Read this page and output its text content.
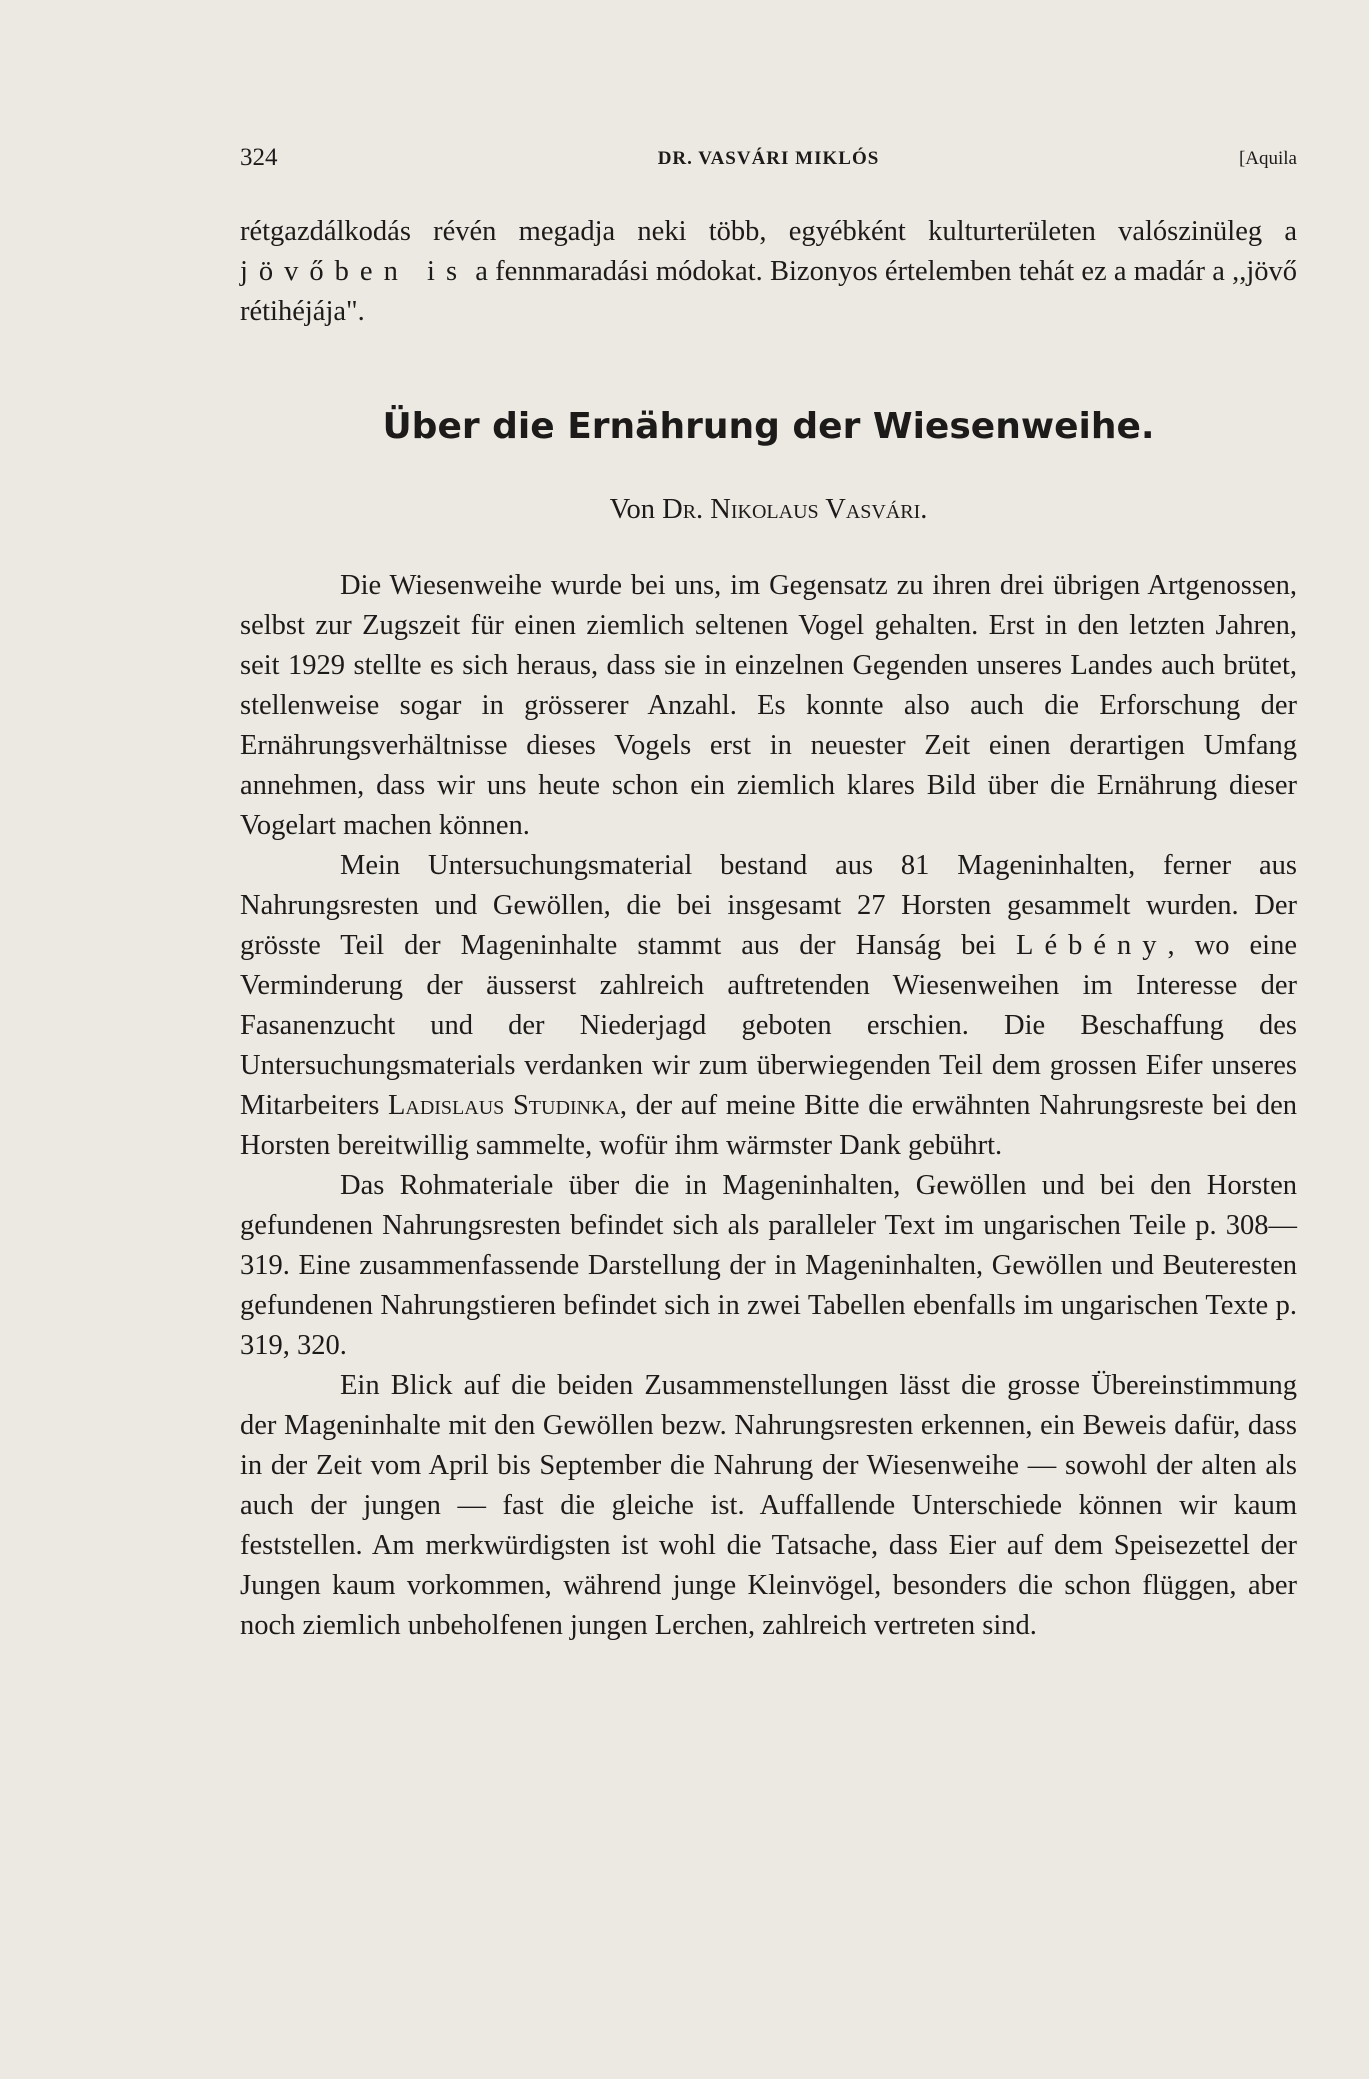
324	DR. VASVÁRI MIKLÓS	[Aquila

rétgazdálkodás révén megadja neki több, egyébként kulturterületen valószinüleg a jövőben is a fennmaradási módokat. Bizonyos értelemben tehát ez a madár a ,,jövő rétihéjája".

Über die Ernährung der Wiesenweihe.
Von Dr. Nikolaus Vasvári.

Die Wiesenweihe wurde bei uns, im Gegensatz zu ihren drei übrigen Artgenossen, selbst zur Zugszeit für einen ziemlich seltenen Vogel gehalten. Erst in den letzten Jahren, seit 1929 stellte es sich heraus, dass sie in einzelnen Gegenden unseres Landes auch brütet, stellenweise sogar in grösserer Anzahl. Es konnte also auch die Erforschung der Ernährungsverhältnisse dieses Vogels erst in neuester Zeit einen derartigen Umfang annehmen, dass wir uns heute schon ein ziemlich klares Bild über die Ernährung dieser Vogelart machen können.

Mein Untersuchungsmaterial bestand aus 81 Mageninhalten, ferner aus Nahrungsresten und Gewöllen, die bei insgesamt 27 Horsten gesammelt wurden. Der grösste Teil der Mageninhalte stammt aus der Hanság bei Lébény, wo eine Verminderung der äusserst zahlreich auftretenden Wiesenweihen im Interesse der Fasanenzucht und der Niederjagd geboten erschien. Die Beschaffung des Untersuchungsmaterials verdanken wir zum überwiegenden Teil dem grossen Eifer unseres Mitarbeiters Ladislaus Studinka, der auf meine Bitte die erwähnten Nahrungsreste bei den Horsten bereitwillig sammelte, wofür ihm wärmster Dank gebührt.

Das Rohmateriale über die in Mageninhalten, Gewöllen und bei den Horsten gefundenen Nahrungsresten befindet sich als paralleler Text im ungarischen Teile p. 308—319. Eine zusammenfassende Darstellung der in Mageninhalten, Gewöllen und Beuteresten gefundenen Nahrungstieren befindet sich in zwei Tabellen ebenfalls im ungarischen Texte p. 319, 320.

Ein Blick auf die beiden Zusammenstellungen lässt die grosse Übereinstimmung der Mageninhalte mit den Gewöllen bezw. Nahrungsresten erkennen, ein Beweis dafür, dass in der Zeit vom April bis September die Nahrung der Wiesenweihe — sowohl der alten als auch der jungen — fast die gleiche ist. Auffallende Unterschiede können wir kaum feststellen. Am merkwürdigsten ist wohl die Tatsache, dass Eier auf dem Speisezettel der Jungen kaum vorkommen, während junge Kleinvögel, besonders die schon flüggen, aber noch ziemlich unbeholfenen jungen Lerchen, zahlreich vertreten sind.
